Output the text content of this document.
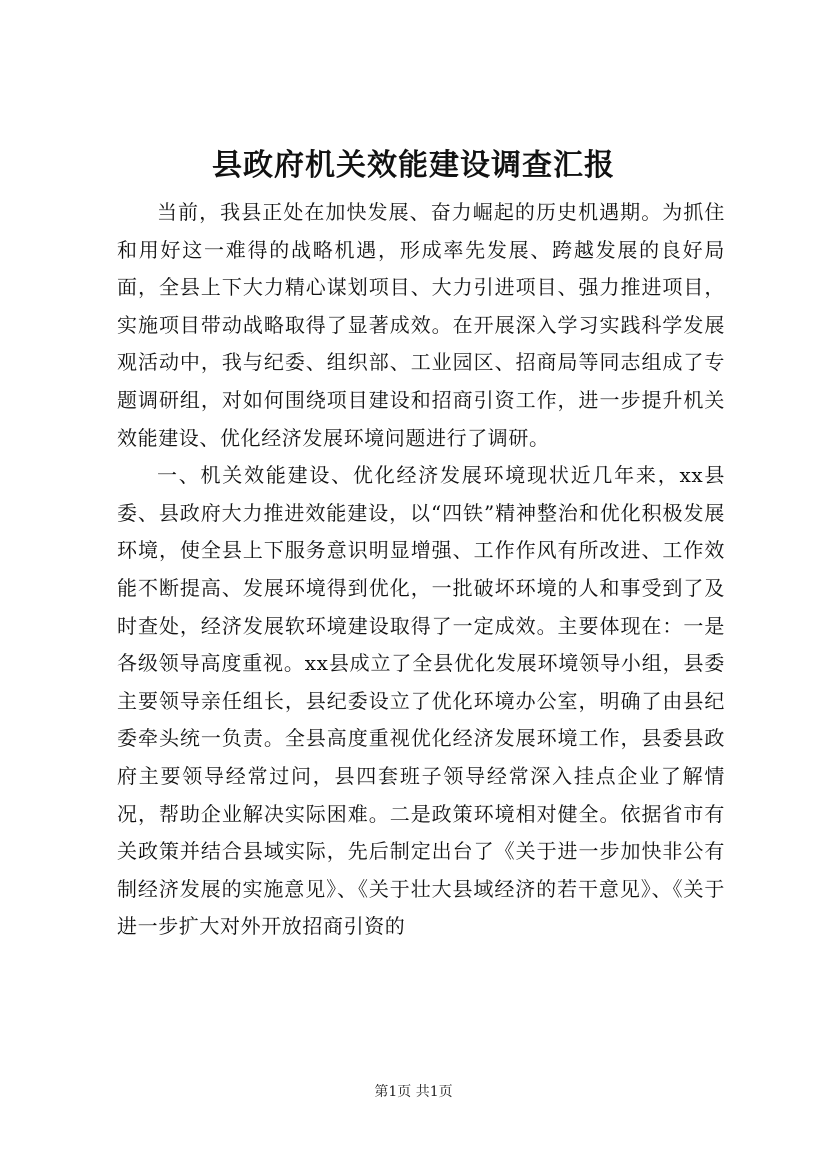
县政府机关效能建设调查汇报

当前，我县正处在加快发展、奋力崛起的历史机遇期。为抓住和用好这一难得的战略机遇，形成率先发展、跨越发展的良好局面，全县上下大力精心谋划项目、大力引进项目、强力推进项目，实施项目带动战略取得了显著成效。在开展深入学习实践科学发展观活动中，我与纪委、组织部、工业园区、招商局等同志组成了专题调研组，对如何围绕项目建设和招商引资工作，进一步提升机关效能建设、优化经济发展环境问题进行了调研。

一、机关效能建设、优化经济发展环境现状近几年来，xx县委、县政府大力推进效能建设，以“四铁”精神整治和优化积极发展环境，使全县上下服务意识明显增强、工作作风有所改进、工作效能不断提高、发展环境得到优化，一批破坏环境的人和事受到了及时查处，经济发展软环境建设取得了一定成效。主要体现在：一是各级领导高度重视。xx县成立了全县优化发展环境领导小组，县委主要领导亲任组长，县纪委设立了优化环境办公室，明确了由县纪委牵头统一负责。全县高度重视优化经济发展环境工作，县委县政府主要领导经常过问，县四套班子领导经常深入挂点企业了解情况，帮助企业解决实际困难。二是政策环境相对健全。依据省市有关政策并结合县域实际，先后制定出台了《关于进一步加快非公有制经济发展的实施意见》、《关于壮大县域经济的若干意见》、《关于进一步扩大对外开放招商引资的

第1页 共1页
